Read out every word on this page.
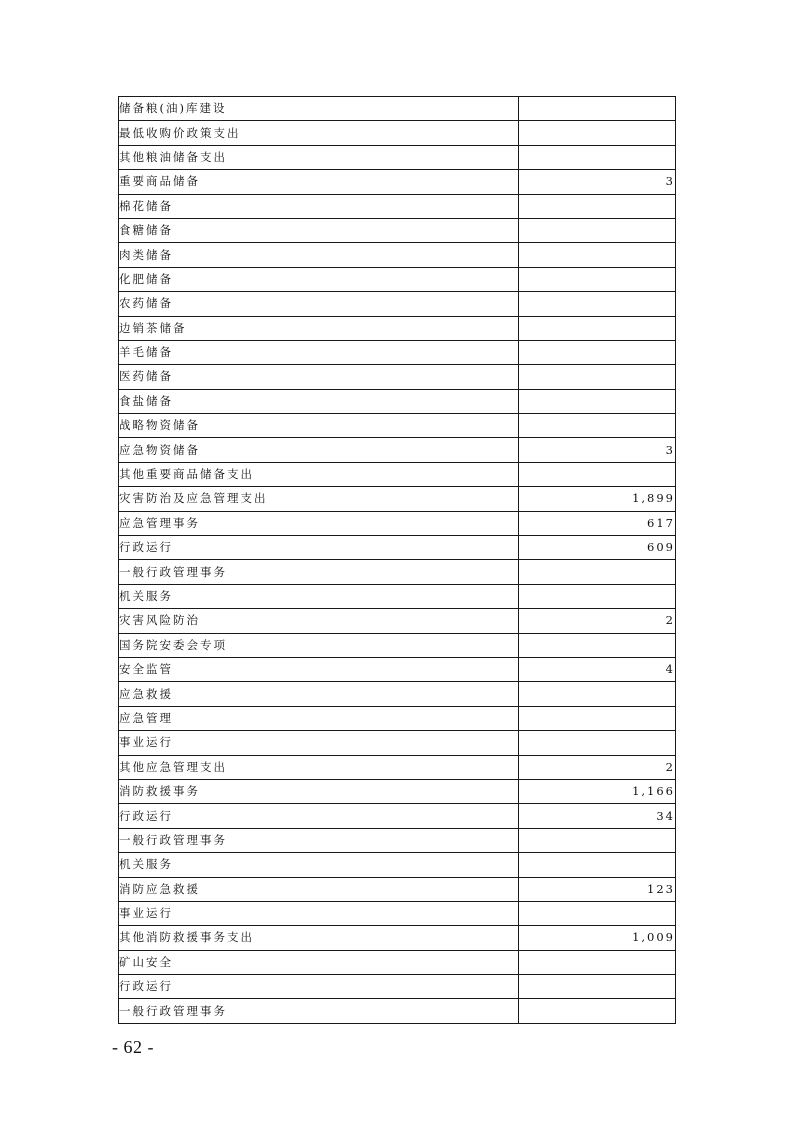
储备粮(油)库建设	
最低收购价政策支出	
其他粮油储备支出	
重要商品储备	3
棉花储备	
食糖储备	
肉类储备	
化肥储备	
农药储备	
边销茶储备	
羊毛储备	
医药储备	
食盐储备	
战略物资储备	
应急物资储备	3
其他重要商品储备支出	
灾害防治及应急管理支出	1,899
应急管理事务	617
行政运行	609
一般行政管理事务	
机关服务	
灾害风险防治	2
国务院安委会专项	
安全监管	4
应急救援	
应急管理	
事业运行	
其他应急管理支出	2
消防救援事务	1,166
行政运行	34
一般行政管理事务	
机关服务	
消防应急救援	123
事业运行	
其他消防救援事务支出	1,009
矿山安全	
行政运行	
一般行政管理事务	
- 62 -
